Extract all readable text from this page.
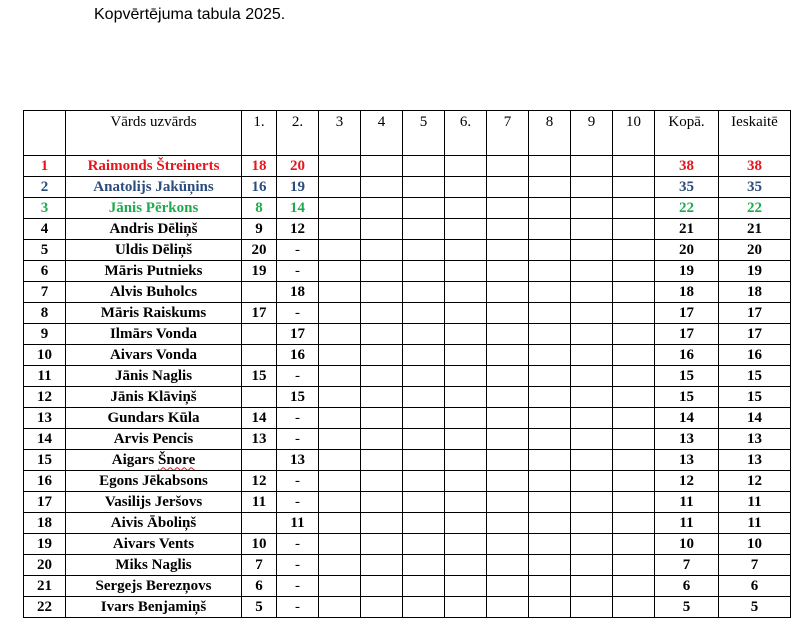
Kopvērtējuma tabula 2025.
	Vārds uzvārds	1.	2.	3	4	5	6.	7	8	9	10	Kopā.	Ieskaitē
1	Raimonds Štreinerts	18	20									38	38
2	Anatolijs Jakūņins	16	19									35	35
3	Jānis Pērkons	8	14									22	22
4	Andris Dēliņš	9	12									21	21
5	Uldis Dēliņš	20	-									20	20
6	Māris Putnieks	19	-									19	19
7	Alvis Buholcs		18									18	18
8	Māris Raiskums	17	-									17	17
9	Ilmārs Vonda		17									17	17
10	Aivars Vonda		16									16	16
11	Jānis Naglis	15	-									15	15
12	Jānis Klāviņš		15									15	15
13	Gundars Kūla	14	-									14	14
14	Arvis Pencis	13	-									13	13
15	Aigars Šnore		13									13	13
16	Egons Jēkabsons	12	-									12	12
17	Vasilijs Jeršovs	11	-									11	11
18	Aivis Āboliņš		11									11	11
19	Aivars Vents	10	-									10	10
20	Miks Naglis	7	-									7	7
21	Sergejs Berezņovs	6	-									6	6
22	Ivars Benjamiņš	5	-									5	5
